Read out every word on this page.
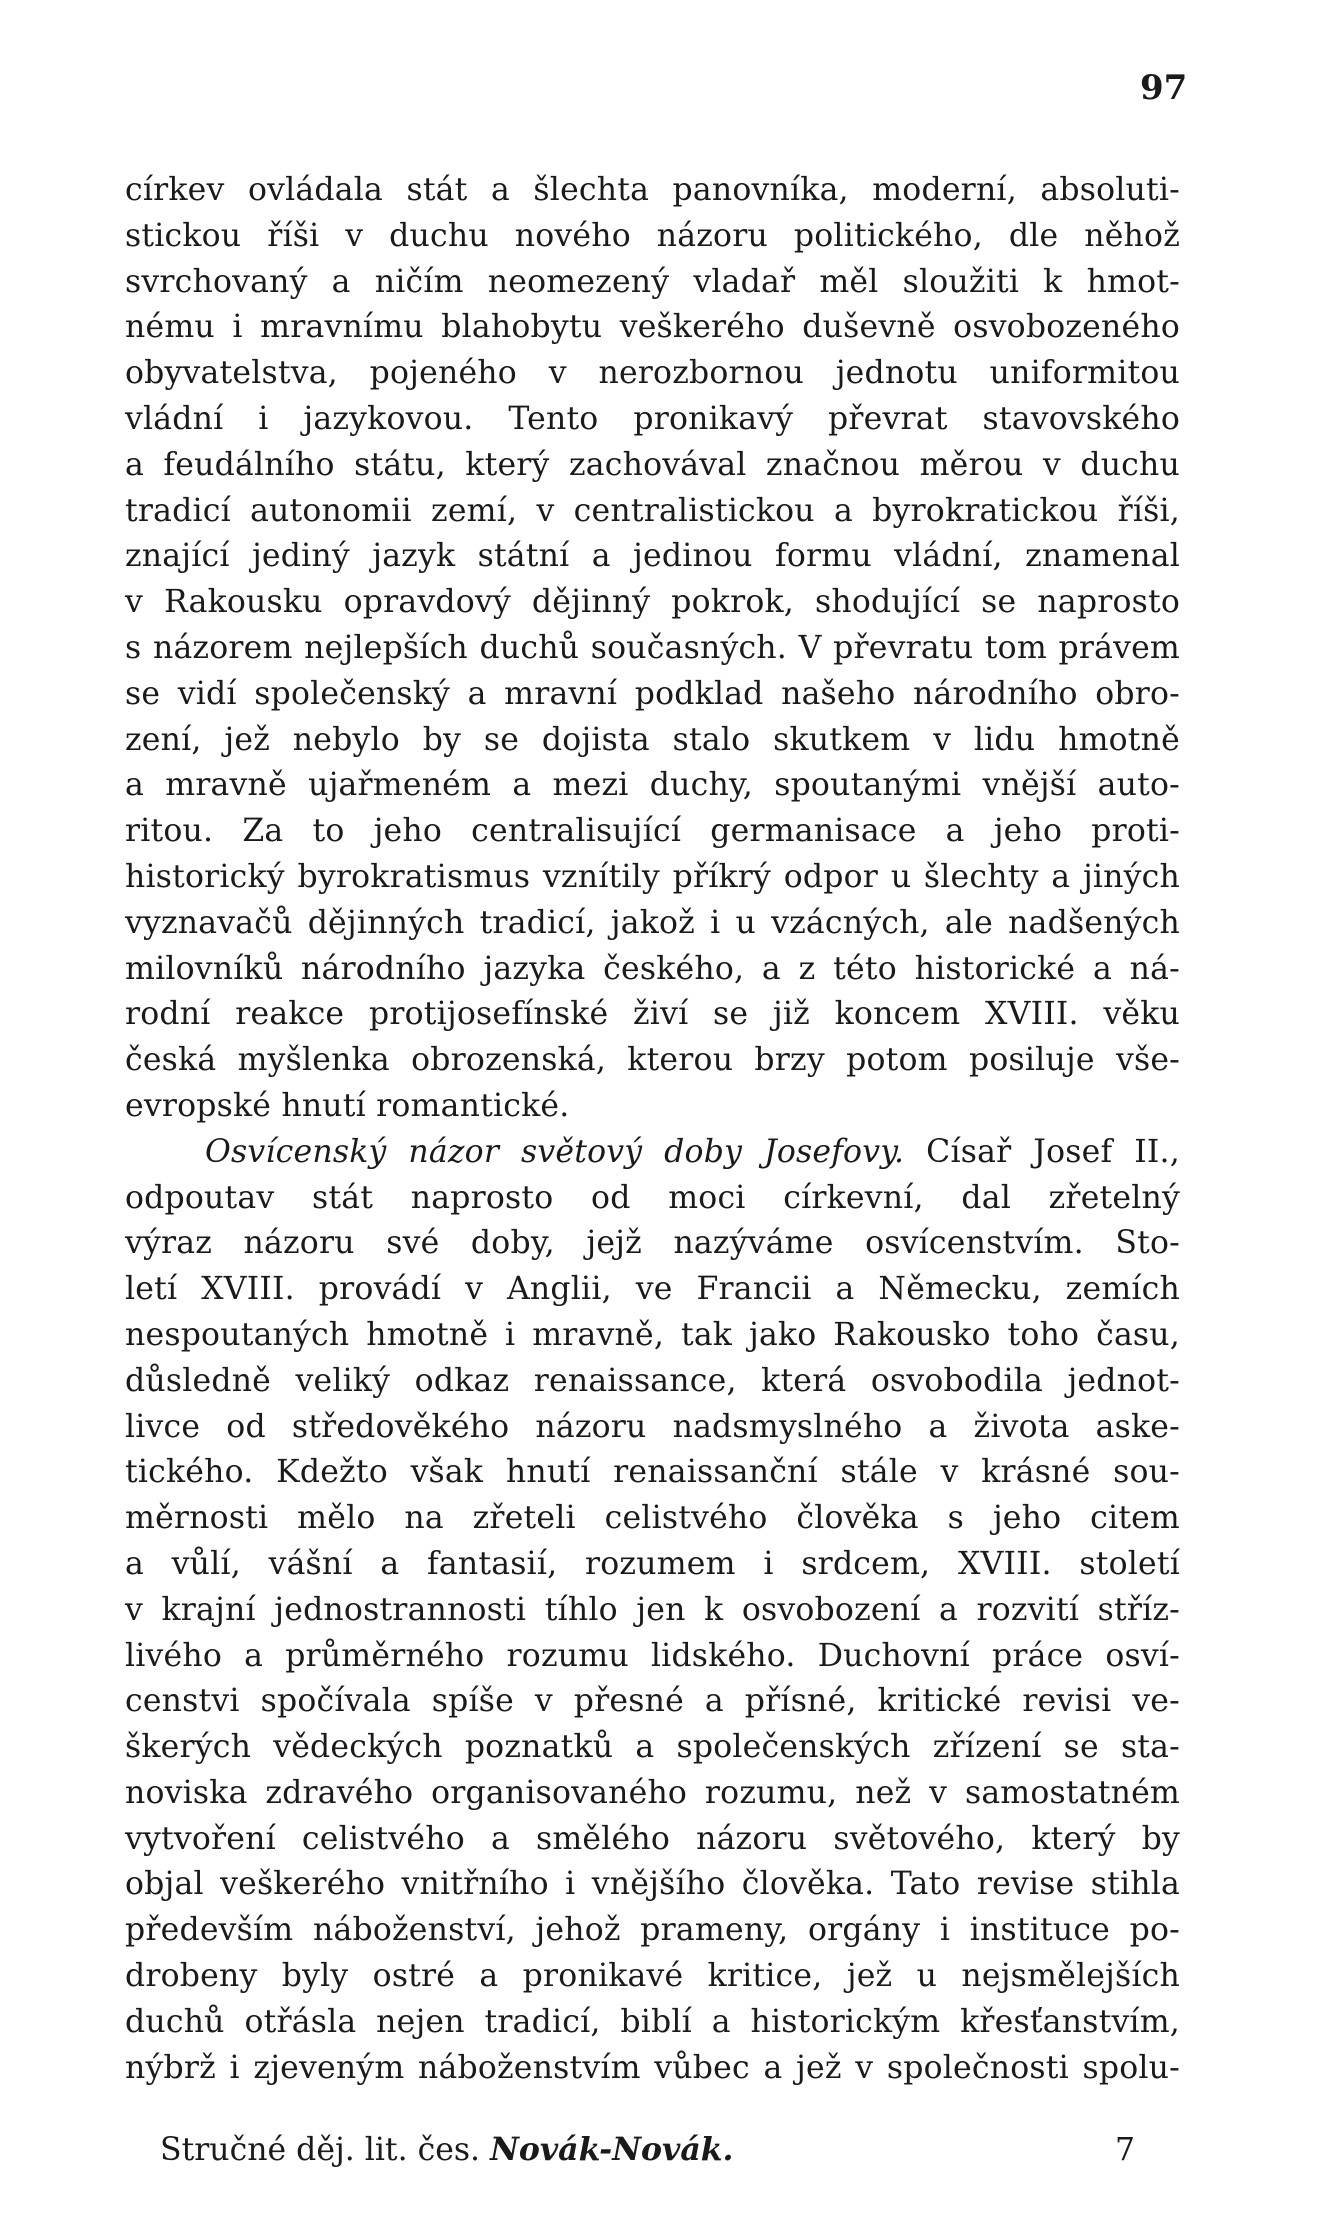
97
církev ovládala stát a šlechta panovníka, moderní, absoluti-
stickou říši v duchu nového názoru politického, dle něhož
svrchovaný a ničím neomezený vladař měl sloužiti k hmot-
nému i mravnímu blahobytu veškerého duševně osvobozeného
obyvatelstva, pojeného v nerozbornou jednotu uniformitou
vládní i jazykovou. Tento pronikavý převrat stavovského
a feudálního státu, který zachovával značnou měrou v duchu
tradicí autonomii zemí, v centralistickou a byrokratickou říši,
znající jediný jazyk státní a jedinou formu vládní, znamenal
v Rakousku opravdový dějinný pokrok, shodující se naprosto
s názorem nejlepších duchů současných. V převratu tom právem
se vidí společenský a mravní podklad našeho národního obro-
zení, jež nebylo by se dojista stalo skutkem v lidu hmotně
a mravně ujařmeném a mezi duchy, spoutanými vnější auto-
ritou. Za to jeho centralisující germanisace a jeho proti-
historický byrokratismus vznítily příkrý odpor u šlechty a jiných
vyznavačů dějinných tradicí, jakož i u vzácných, ale nadšených
milovníků národního jazyka českého, a z této historické a ná-
rodní reakce protijosefínské živí se již koncem XVIII. věku
česká myšlenka obrozenská, kterou brzy potom posiluje vše-
evropské hnutí romantické.
Osvícenský názor světový doby Josefovy. Císař Josef II.,
odpoutav stát naprosto od moci církevní, dal zřetelný
výraz názoru své doby, jejž nazýváme osvícenstvím. Sto-
letí XVIII. provádí v Anglii, ve Francii a Německu, zemích
nespoutaných hmotně i mravně, tak jako Rakousko toho času,
důsledně veliký odkaz renaissance, která osvobodila jednot-
livce od středověkého názoru nadsmyslného a života aske-
tického. Kdežto však hnutí renaissanční stále v krásné sou-
měrnosti mělo na zřeteli celistvého člověka s jeho citem
a vůlí, vášní a fantasií, rozumem i srdcem, XVIII. století
v krajní jednostrannosti tíhlo jen k osvobození a rozvití stříz-
livého a průměrného rozumu lidského. Duchovní práce osví-
censtvi spočívala spíše v přesné a přísné, kritické revisi ve-
škerých vědeckých poznatků a společenských zřízení se sta-
noviska zdravého organisovaného rozumu, než v samostatném
vytvoření celistvého a smělého názoru světového, který by
objal veškerého vnitřního i vnějšího člověka. Tato revise stihla
především náboženství, jehož prameny, orgány i instituce po-
drobeny byly ostré a pronikavé kritice, jež u nejsmělejších
duchů otřásla nejen tradicí, biblí a historickým křesťanstvím,
nýbrž i zjeveným náboženstvím vůbec a jež v společnosti spolu-
Stručné děj. lit. čes. Novák-Novák.	7
